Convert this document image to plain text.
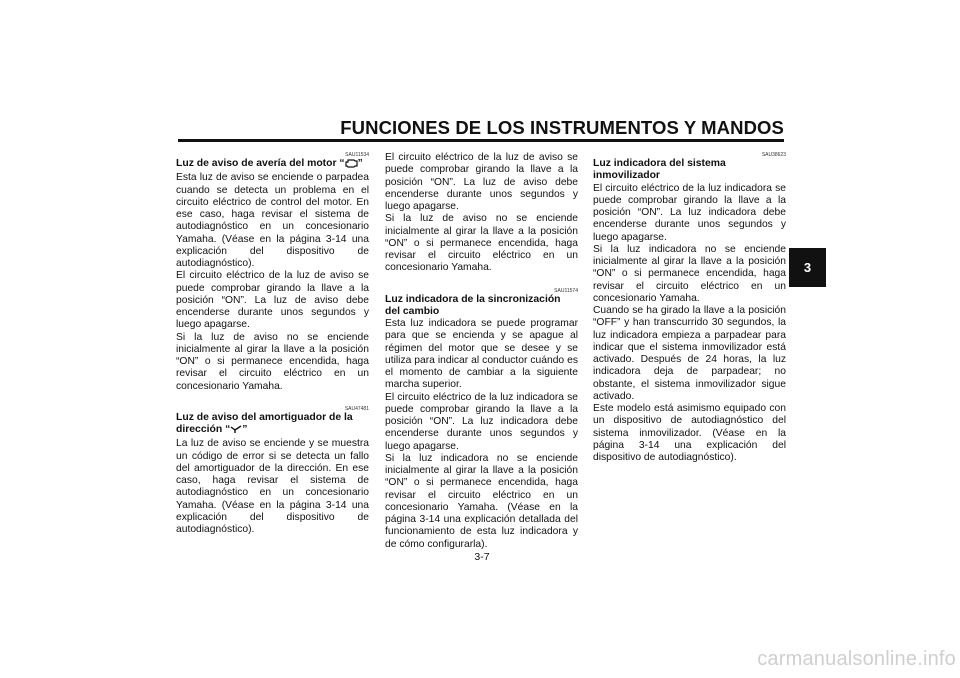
FUNCIONES DE LOS INSTRUMENTOS Y MANDOS
SAU11534

Luz de aviso de avería del motor “ ”

Esta luz de aviso se enciende o parpadea cuando se detecta un problema en el circuito eléctrico de control del motor. En ese caso, haga revisar el sistema de autodiagnóstico en un concesionario Yamaha. (Véase en la página 3-14 una explicación del dispositivo de autodiagnóstico).

El circuito eléctrico de la luz de aviso se puede comprobar girando la llave a la posición “ON”. La luz de aviso debe encenderse durante unos segundos y luego apagarse.

Si la luz de aviso no se enciende inicialmente al girar la llave a la posición “ON” o si permanece encendida, haga revisar el circuito eléctrico en un concesionario Yamaha.

SAU47481

Luz de aviso del amortiguador de la dirección “ ”

La luz de aviso se enciende y se muestra un código de error si se detecta un fallo del amortiguador de la dirección. En ese caso, haga revisar el sistema de autodiagnóstico en un concesionario Yamaha. (Véase en la página 3-14 una explicación del dispositivo de autodiagnóstico).

El circuito eléctrico de la luz de aviso se puede comprobar girando la llave a la posición “ON”. La luz de aviso debe encenderse durante unos segundos y luego apagarse.

Si la luz de aviso no se enciende inicialmente al girar la llave a la posición “ON” o si permanece encendida, haga revisar el circuito eléctrico en un concesionario Yamaha.

SAU11574

Luz indicadora de la sincronización del cambio

Esta luz indicadora se puede programar para que se encienda y se apague al régimen del motor que se desee y se utiliza para indicar al conductor cuándo es el momento de cambiar a la siguiente marcha superior.

El circuito eléctrico de la luz indicadora se puede comprobar girando la llave a la posición “ON”. La luz indicadora debe encenderse durante unos segundos y luego apagarse.

Si la luz indicadora no se enciende inicialmente al girar la llave a la posición “ON” o si permanece encendida, haga revisar el circuito eléctrico en un concesionario Yamaha. (Véase en la página 3-14 una explicación detallada del funcionamiento de esta luz indicadora y de cómo configurarla).

SAU38623

Luz indicadora del sistema inmovilizador

El circuito eléctrico de la luz indicadora se puede comprobar girando la llave a la posición “ON”. La luz indicadora debe encenderse durante unos segundos y luego apagarse.

Si la luz indicadora no se enciende inicialmente al girar la llave a la posición “ON” o si permanece encendida, haga revisar el circuito eléctrico en un concesionario Yamaha.

Cuando se ha girado la llave a la posición “OFF” y han transcurrido 30 segundos, la luz indicadora empieza a parpadear para indicar que el sistema inmovilizador está activado. Después de 24 horas, la luz indicadora deja de parpadear; no obstante, el sistema inmovilizador sigue activado.

Este modelo está asimismo equipado con un dispositivo de autodiagnóstico del sistema inmovilizador. (Véase en la página 3-14 una explicación del dispositivo de autodiagnóstico).

3
3-7
carmanualsonline.info
